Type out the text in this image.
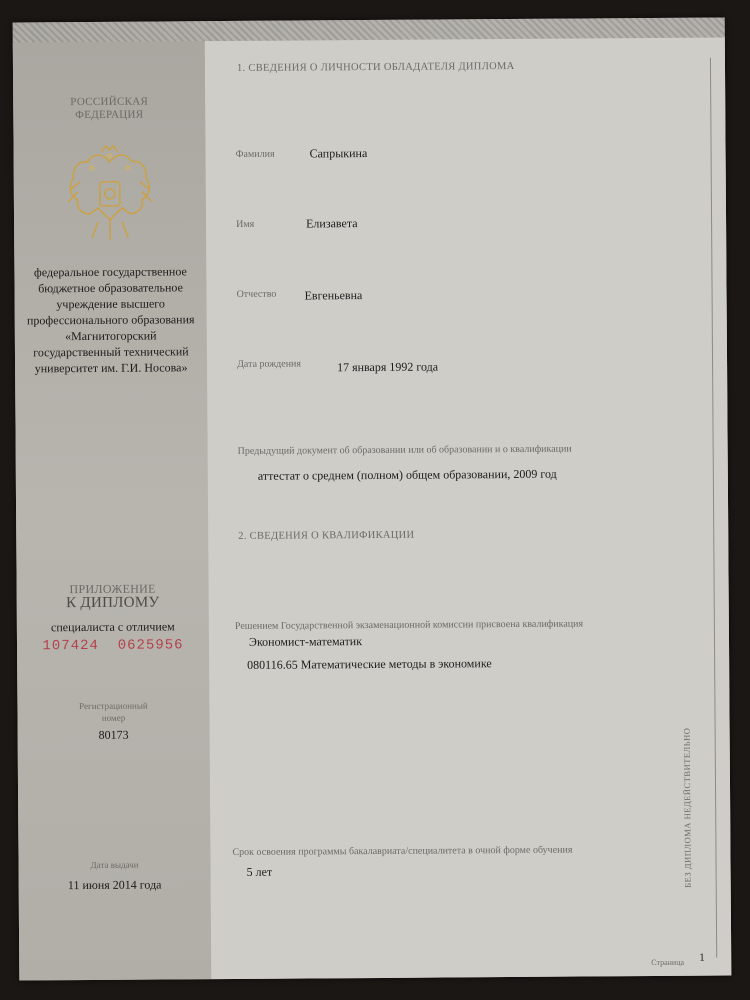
РОССИЙСКАЯ
ФЕДЕРАЦИЯ
федеральное государственное
бюджетное образовательное
учреждение высшего
профессионального образования
«Магнитогорский
государственный технический
университет им. Г.И. Носова»
ПРИЛОЖЕНИЕ
К ДИПЛОМУ
специалиста с отличием
107424  0625956
Регистрационный
номер
80173
Дата выдачи
11 июня 2014 года
1. СВЕДЕНИЯ О ЛИЧНОСТИ ОБЛАДАТЕЛЯ ДИПЛОМА
Фамилия	Сапрыкина
Имя	Елизавета
Отчество Евгеньевна
Дата рождения	17 января 1992 года
Предыдущий документ об образовании или об образовании и о квалификации
аттестат о среднем (полном) общем образовании, 2009 год
2. СВЕДЕНИЯ О КВАЛИФИКАЦИИ
Решением Государственной экзаменационной комиссии присвоена квалификация
Экономист-математик
080116.65 Математические методы в экономике
БЕЗ ДИПЛОМА НЕДЕЙСТВИТЕЛЬНО
Срок освоения программы бакалавриата/специалитета в очной форме обучения
5 лет
Страница 1
